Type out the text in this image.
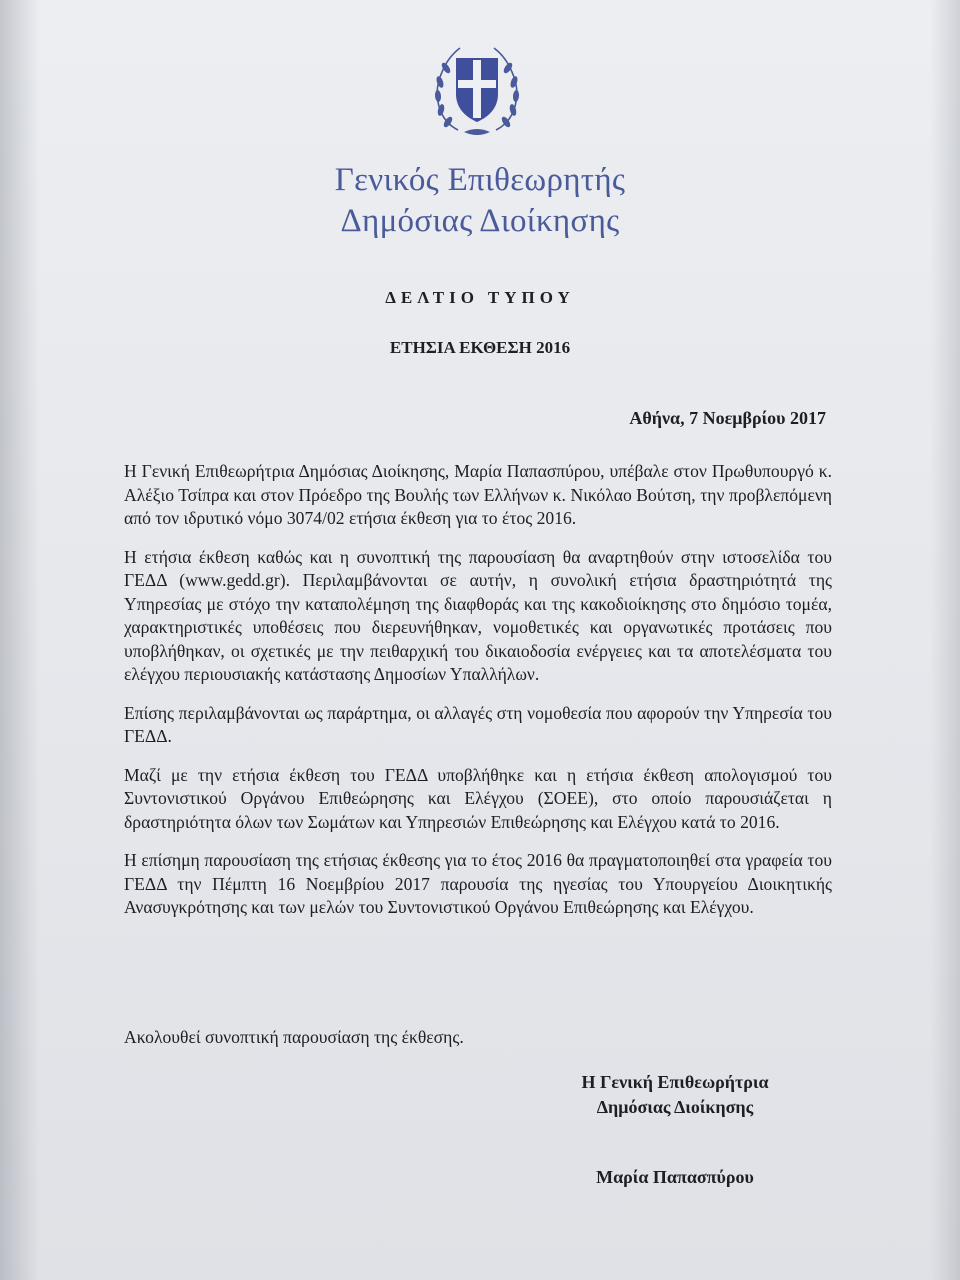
Γενικός Επιθεωρητής
Δημόσιας Διοίκησης
ΔΕΛΤΙΟ ΤΥΠΟΥ
ΕΤΗΣΙΑ ΕΚΘΕΣΗ 2016
Αθήνα, 7 Νοεμβρίου 2017

Η Γενική Επιθεωρήτρια Δημόσιας Διοίκησης, Μαρία Παπασπύρου, υπέβαλε στον Πρωθυπουργό κ. Αλέξιο Τσίπρα και στον Πρόεδρο της Βουλής των Ελλήνων κ. Νικόλαο Βούτση, την προβλεπόμενη από τον ιδρυτικό νόμο 3074/02 ετήσια έκθεση για το έτος 2016.

Η ετήσια έκθεση καθώς και η συνοπτική της παρουσίαση θα αναρτηθούν στην ιστοσελίδα του ΓΕΔΔ (www.gedd.gr). Περιλαμβάνονται σε αυτήν, η συνολική ετήσια δραστηριότητά της Υπηρεσίας με στόχο την καταπολέμηση της διαφθοράς και της κακοδιοίκησης στο δημόσιο τομέα, χαρακτηριστικές υποθέσεις που διερευνήθηκαν, νομοθετικές και οργανωτικές προτάσεις που υποβλήθηκαν, οι σχετικές με την πειθαρχική του δικαιοδοσία ενέργειες και τα αποτελέσματα του ελέγχου περιουσιακής κατάστασης Δημοσίων Υπαλλήλων.

Επίσης περιλαμβάνονται ως παράρτημα, οι αλλαγές στη νομοθεσία που αφορούν την Υπηρεσία του ΓΕΔΔ.

Μαζί με την ετήσια έκθεση του ΓΕΔΔ υποβλήθηκε και η ετήσια έκθεση απολογισμού του Συντονιστικού Οργάνου Επιθεώρησης και Ελέγχου (ΣΟΕΕ), στο οποίο παρουσιάζεται η δραστηριότητα όλων των Σωμάτων και Υπηρεσιών Επιθεώρησης και Ελέγχου κατά το 2016.

Η επίσημη παρουσίαση της ετήσιας έκθεσης για το έτος 2016 θα πραγματοποιηθεί στα γραφεία του ΓΕΔΔ την Πέμπτη 16 Νοεμβρίου 2017 παρουσία της ηγεσίας του Υπουργείου Διοικητικής Ανασυγκρότησης και των μελών του Συντονιστικού Οργάνου Επιθεώρησης και Ελέγχου.

Ακολουθεί συνοπτική παρουσίαση της έκθεσης.
Η Γενική Επιθεωρήτρια
Δημόσιας Διοίκησης
Μαρία Παπασπύρου
